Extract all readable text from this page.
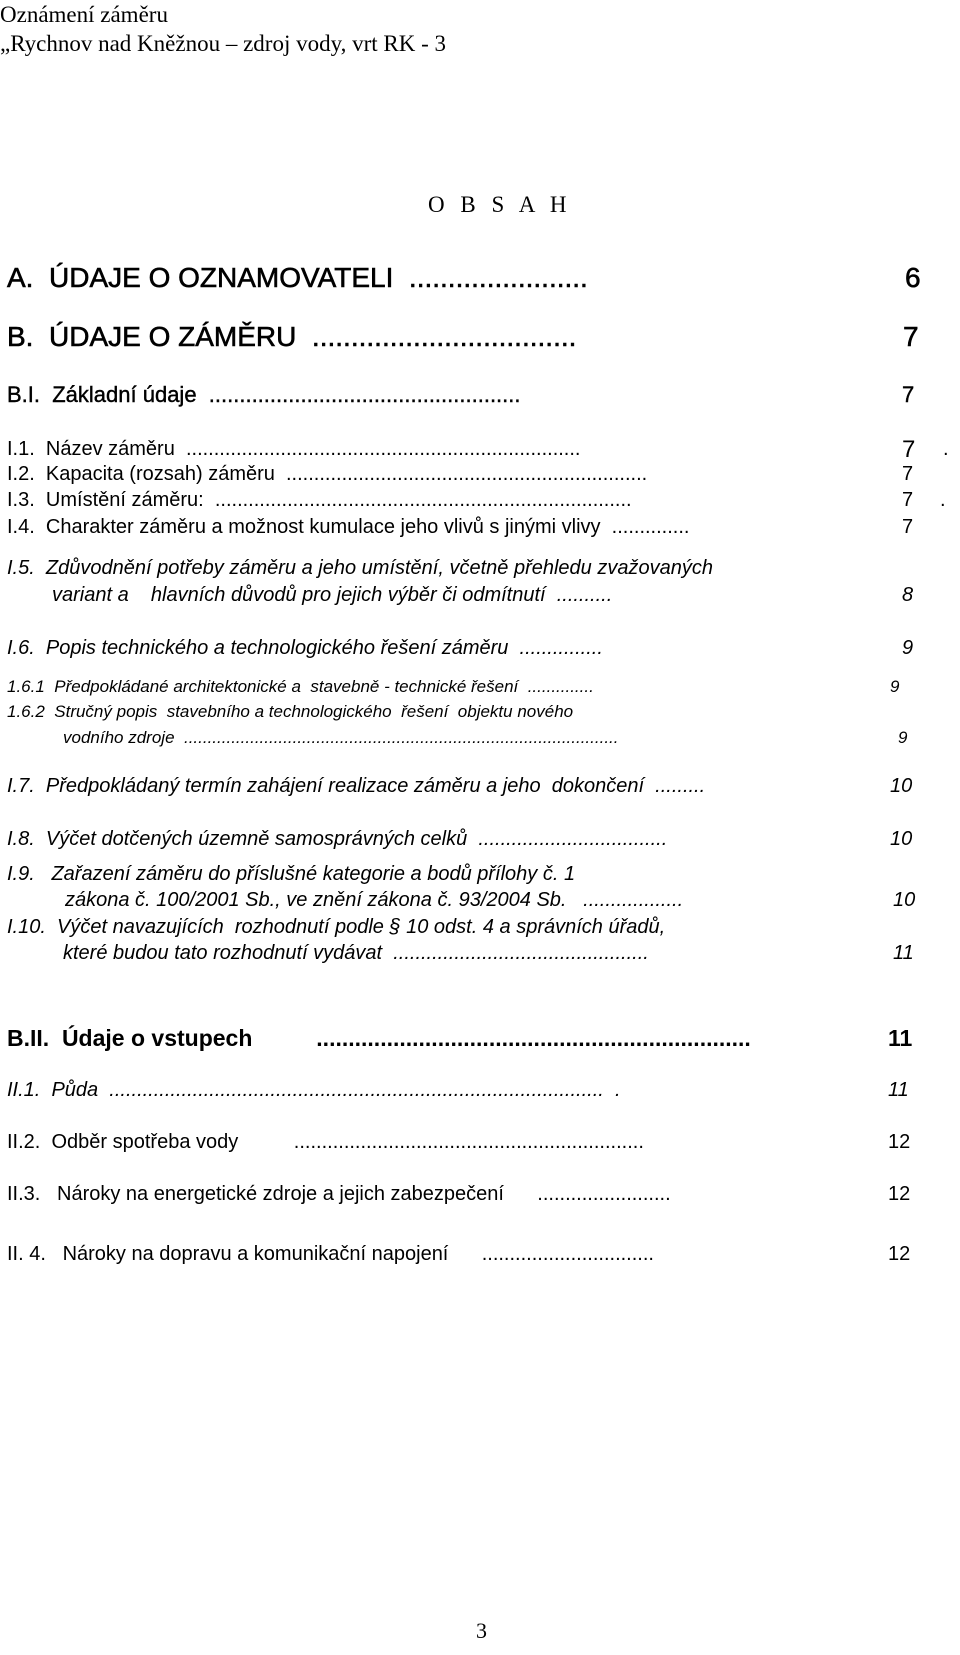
Oznámení záměru
„Rychnov nad Kněžnou – zdroj vody, vrt RK - 3
O B S A H
A.  ÚDAJE O OZNAMOVATELI  .......................	6
B.  ÚDAJE O ZÁMĚRU  ..................................	7
B.I.  Základní údaje  ...................................................	7
I.1.  Název záměru  .......................................................................	7 .
I.2.  Kapacita (rozsah) záměru  .................................................................	7
I.3.  Umístění záměru:  ...........................................................................	7 .
I.4.  Charakter záměru a možnost kumulace jeho vlivů s jinými vlivy  ..............	7
I.5.  Zdůvodnění potřeby záměru a jeho umístění, včetně přehledu zvažovaných
variant a    hlavních důvodů pro jejich výběr či odmítnutí  ..........	8
I.6.  Popis technického a technologického řešení záměru  ...............	9
1.6.1  Předpokládané architektonické a  stavebně - technické řešení  ..............	9
1.6.2  Stručný popis  stavebního a technologického  řešení  objektu nového
vodního zdroje  ............................................................................................	9
I.7.  Předpokládaný termín zahájení realizace záměru a jeho  dokončení  .........	10
I.8.  Výčet dotčených územně samosprávných celků  ..................................	10
I.9.   Zařazení záměru do příslušné kategorie a bodů přílohy č. 1
zákona č. 100/2001 Sb., ve znění zákona č. 93/2004 Sb.   ..................	10
I.10.  Výčet navazujících  rozhodnutí podle § 10 odst. 4 a správních úřadů,
které budou tato rozhodnutí vydávat  ..............................................	11
B.II.  Údaje o vstupech          ....................................................................	11
II.1.  Půda  .........................................................................................  .	11
II.2.  Odběr spotřeba vody          ...............................................................	12
II.3.   Nároky na energetické zdroje a jejich zabezpečení      ........................	12
II. 4.   Nároky na dopravu a komunikační napojení      ...............................	12
3
